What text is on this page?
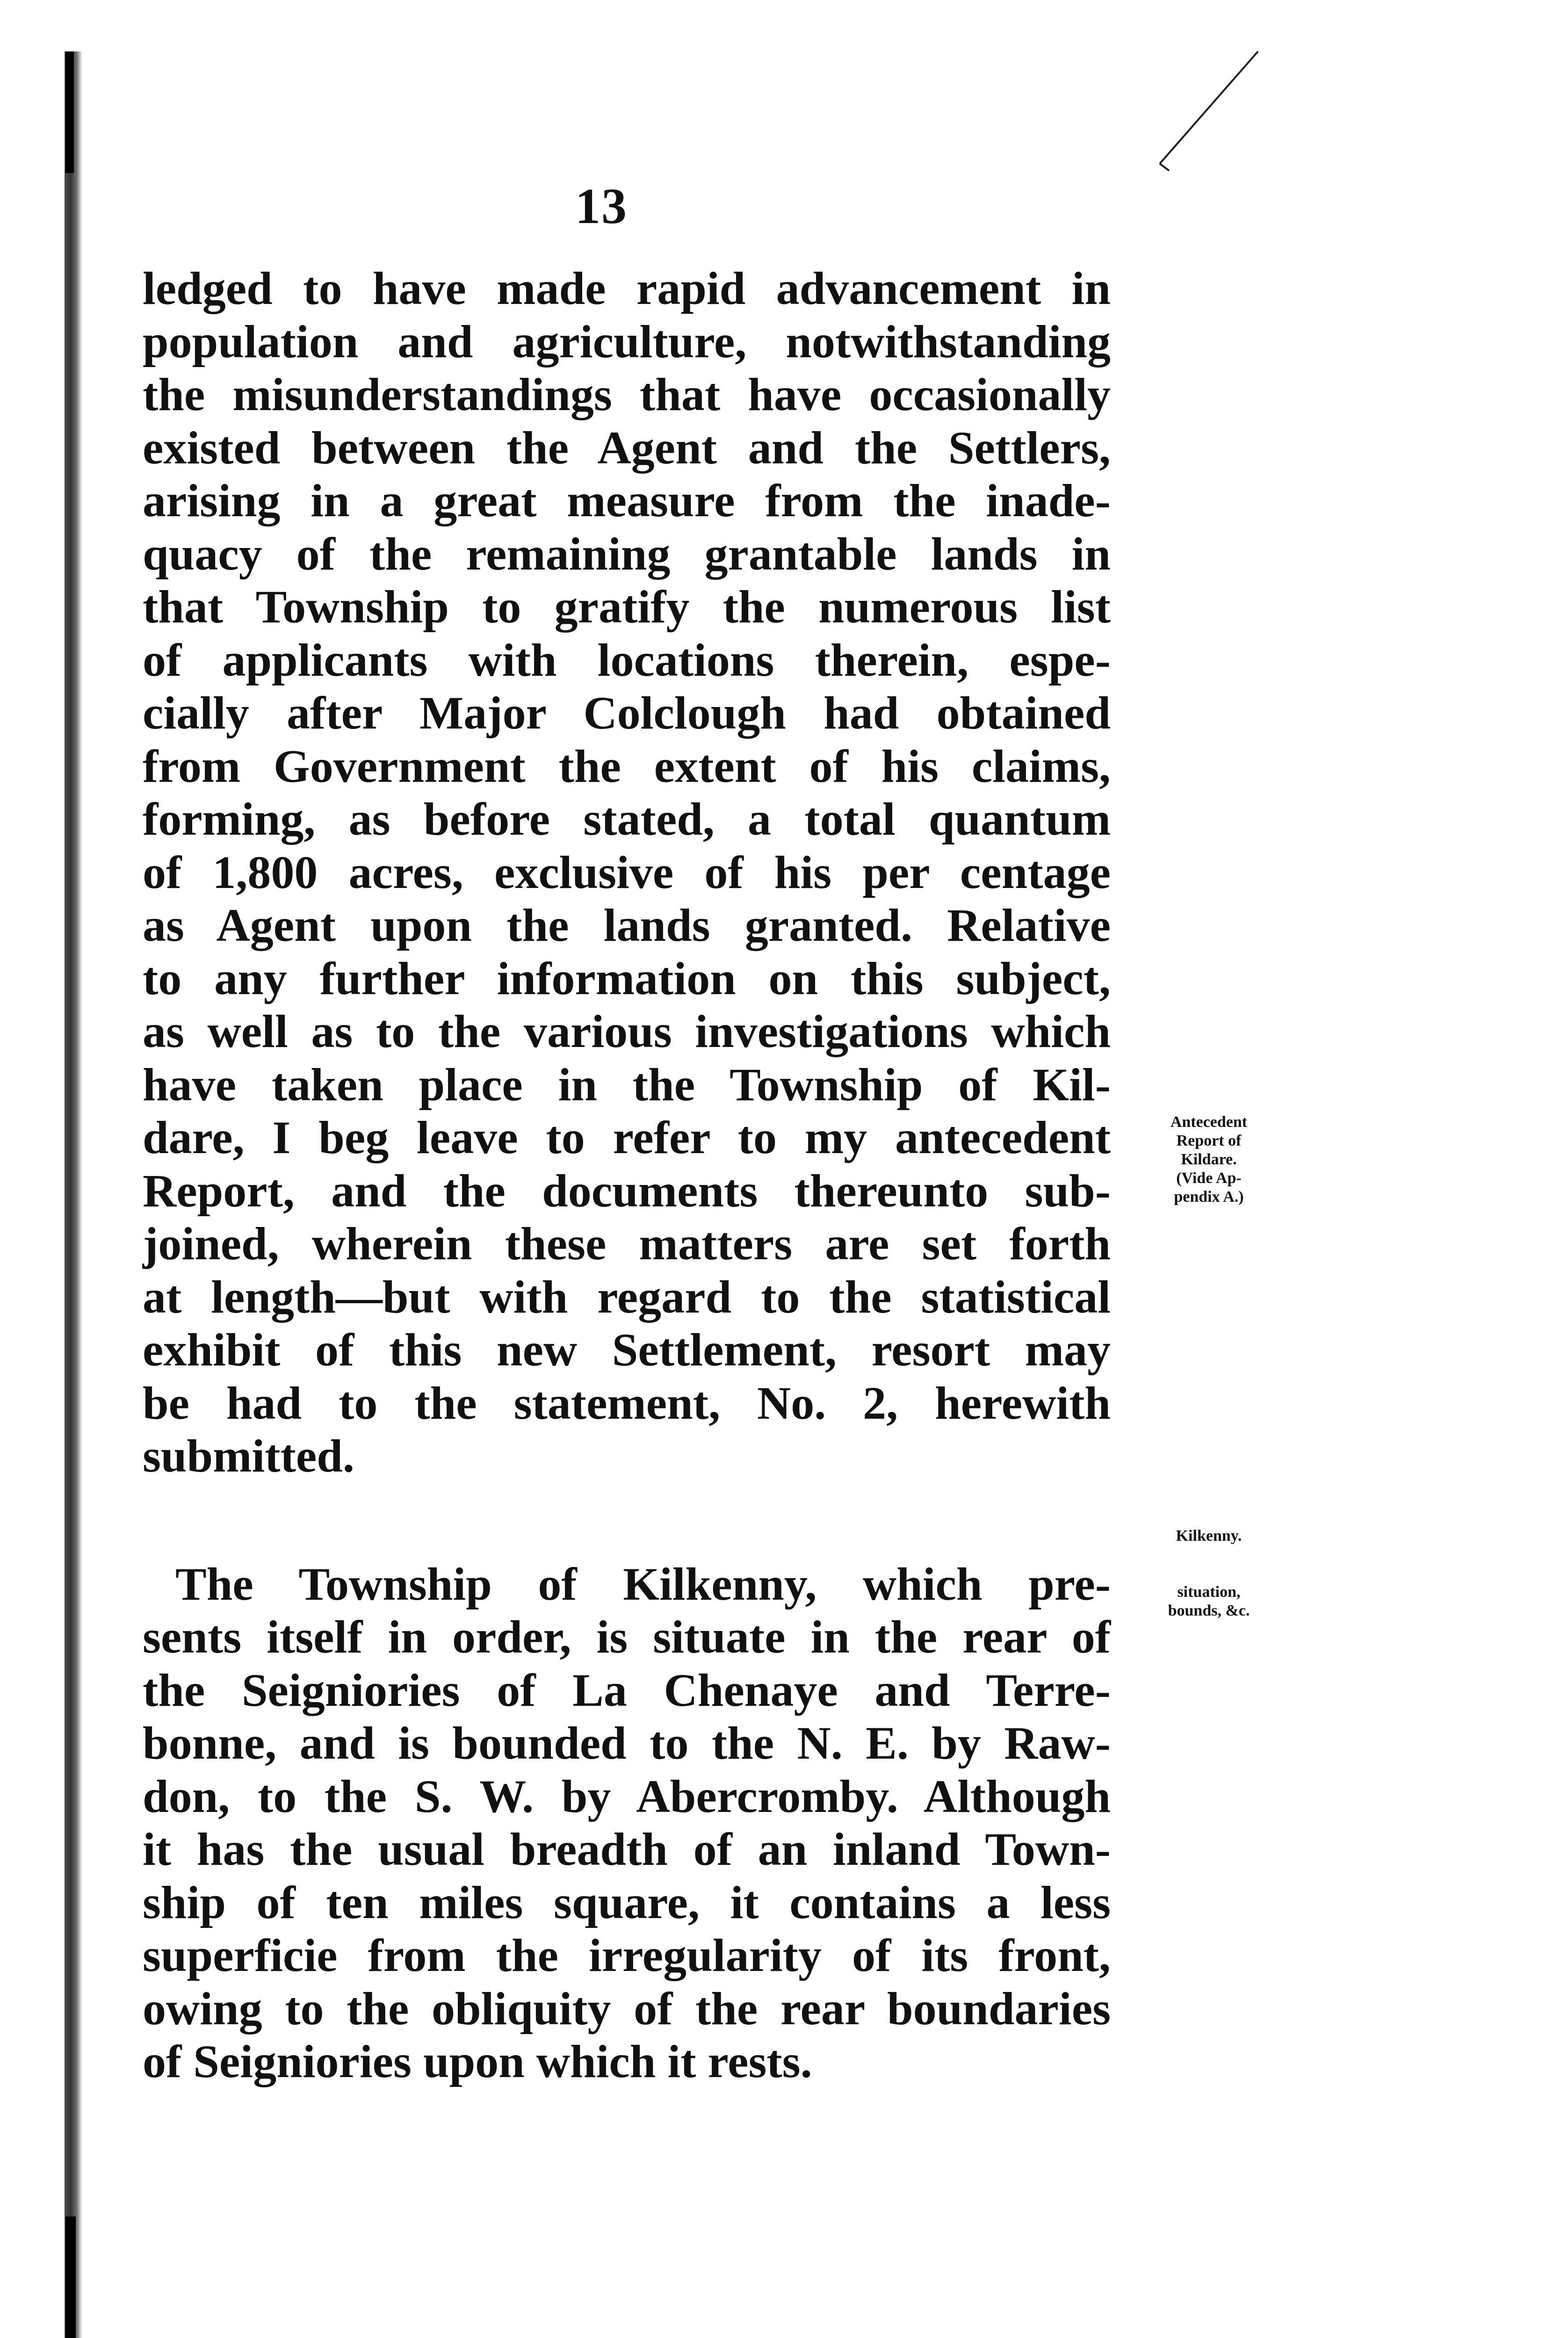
13
ledged to have made rapid advancement in
population and agriculture, notwithstanding
the misunderstandings that have occasionally
existed between the Agent and the Settlers,
arising in a great measure from the inade-
quacy of the remaining grantable lands in
that Township to gratify the numerous list
of applicants with locations therein, espe-
cially after Major Colclough had obtained
from Government the extent of his claims,
forming, as before stated, a total quantum
of 1,800 acres, exclusive of his per centage
as Agent upon the lands granted. Relative
to any further information on this subject,
as well as to the various investigations which
have taken place in the Township of Kil-
dare, I beg leave to refer to my antecedent
Report, and the documents thereunto sub-
joined, wherein these matters are set forth
at length—but with regard to the statistical
exhibit of this new Settlement, resort may
be had to the statement, No. 2, herewith
submitted.
The Township of Kilkenny, which pre-
sents itself in order, is situate in the rear of
the Seigniories of La Chenaye and Terre-
bonne, and is bounded to the N. E. by Raw-
don, to the S. W. by Abercromby. Although
it has the usual breadth of an inland Town-
ship of ten miles square, it contains a less
superficie from the irregularity of its front,
owing to the obliquity of the rear boundaries
of Seigniories upon which it rests.
Antecedent
Report of
Kildare.
(Vide Ap-
pendix A.)
Kilkenny.
situation,
bounds, &c.
